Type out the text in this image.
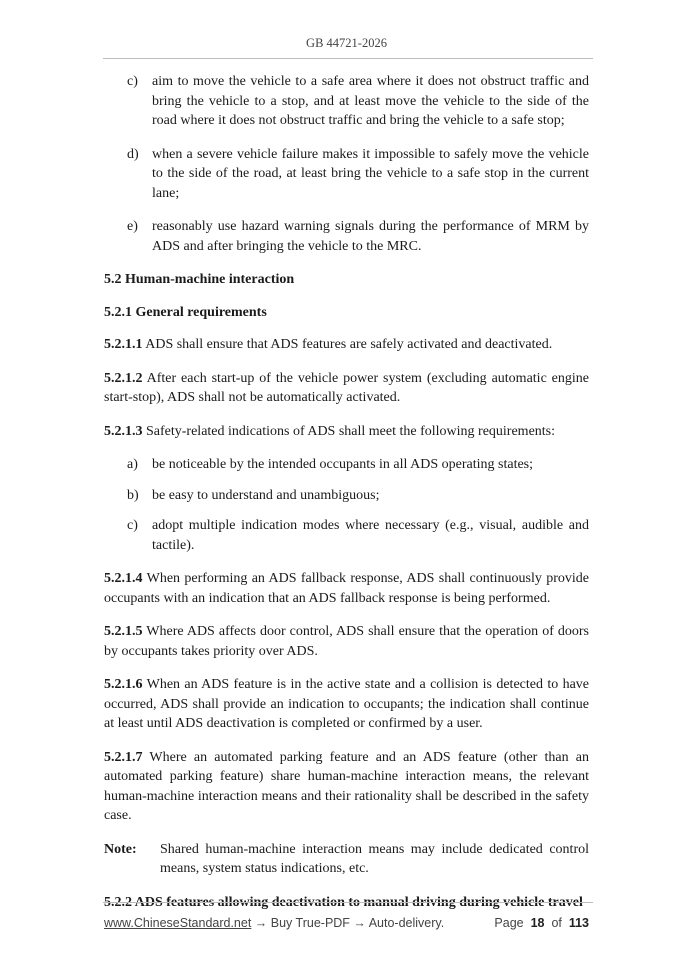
GB 44721-2026
c)	aim to move the vehicle to a safe area where it does not obstruct traffic and bring the vehicle to a stop, and at least move the vehicle to the side of the road where it does not obstruct traffic and bring the vehicle to a safe stop;
d) when a severe vehicle failure makes it impossible to safely move the vehicle to the side of the road, at least bring the vehicle to a safe stop in the current lane;
e)	reasonably use hazard warning signals during the performance of MRM by ADS and after bringing the vehicle to the MRC.
5.2 Human-machine interaction
5.2.1 General requirements
5.2.1.1 ADS shall ensure that ADS features are safely activated and deactivated.
5.2.1.2 After each start-up of the vehicle power system (excluding automatic engine start-stop), ADS shall not be automatically activated.
5.2.1.3 Safety-related indications of ADS shall meet the following requirements:
a)	be noticeable by the intended occupants in all ADS operating states;
b) be easy to understand and unambiguous;
c)	adopt multiple indication modes where necessary (e.g., visual, audible and tactile).
5.2.1.4 When performing an ADS fallback response, ADS shall continuously provide occupants with an indication that an ADS fallback response is being performed.
5.2.1.5 Where ADS affects door control, ADS shall ensure that the operation of doors by occupants takes priority over ADS.
5.2.1.6 When an ADS feature is in the active state and a collision is detected to have occurred, ADS shall provide an indication to occupants; the indication shall continue at least until ADS deactivation is completed or confirmed by a user.
5.2.1.7 Where an automated parking feature and an ADS feature (other than an automated parking feature) share human-machine interaction means, the relevant human-machine interaction means and their rationality shall be described in the safety case.
Note:	Shared human-machine interaction means may include dedicated control means, system status indications, etc.
5.2.2 ADS features allowing deactivation to manual driving during vehicle travel
www.ChineseStandard.net → Buy True-PDF → Auto-delivery.	Page 18 of 113
